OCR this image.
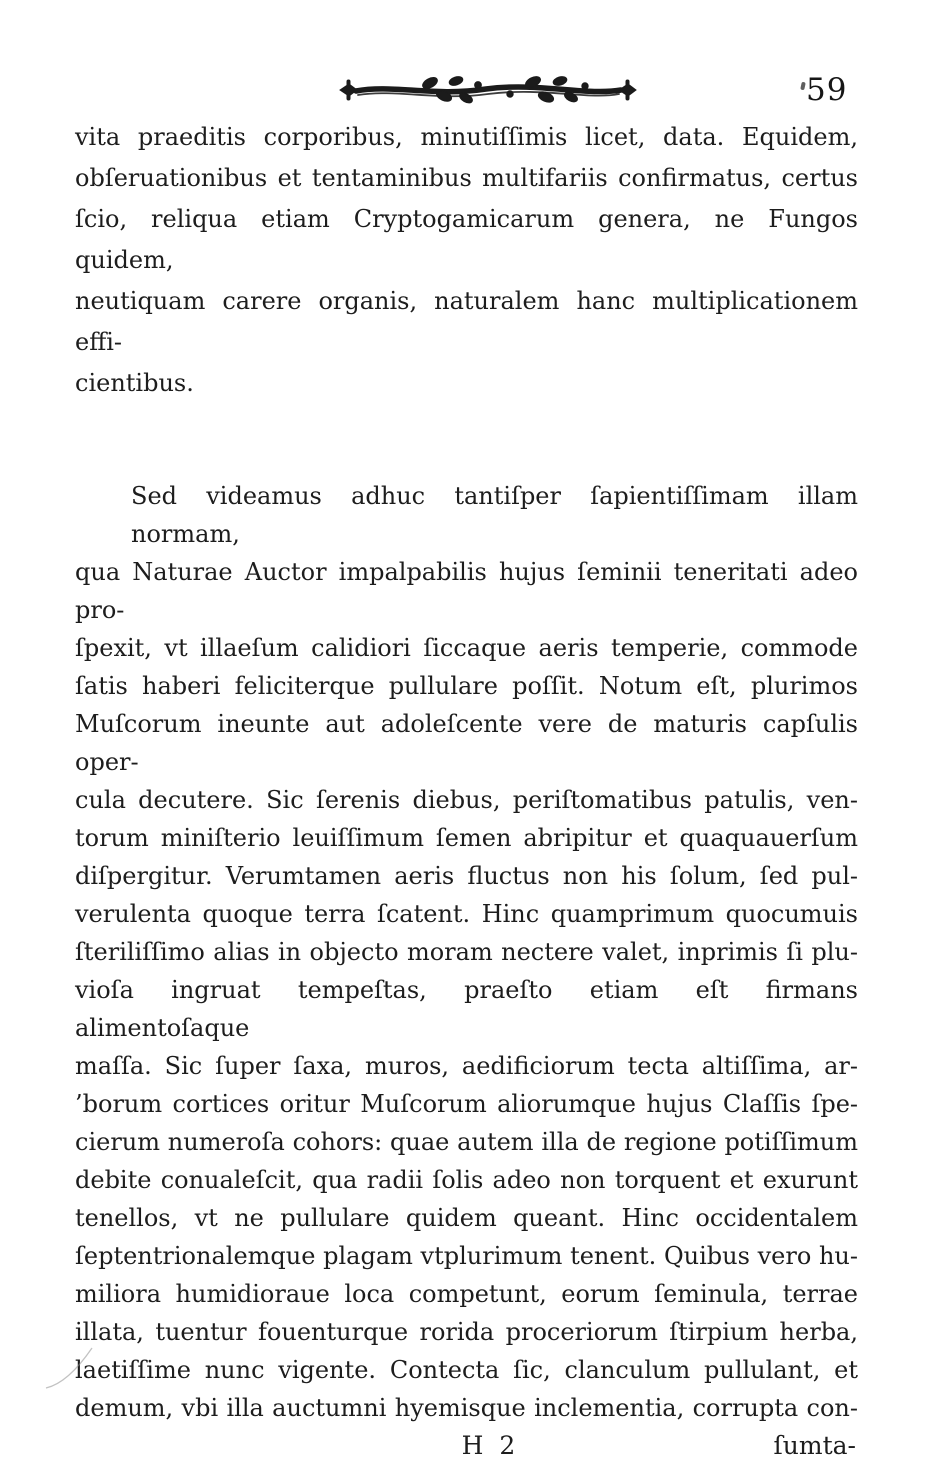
59
vita praeditis corporibus, minutiſſimis licet, data. Equidem,
obſeruationibus et tentaminibus multifariis confirmatus, certus
ſcio, reliqua etiam Cryptogamicarum genera, ne Fungos quidem,
neutiquam carere organis, naturalem hanc multiplicationem effi-
cientibus.
Sed videamus adhuc tantiſper ſapientiſſimam illam normam,
qua Naturae Auctor impalpabilis hujus ſeminii teneritati adeo pro-
ſpexit, vt illaeſum calidiori ſiccaque aeris temperie, commode
ſatis haberi feliciterque pullulare poſſit. Notum eſt, plurimos
Muſcorum ineunte aut adoleſcente vere de maturis capſulis oper-
cula decutere. Sic ſerenis diebus, periſtomatibus patulis, ven-
torum miniſterio leuiſſimum ſemen abripitur et quaquauerſum
diſpergitur. Verumtamen aeris fluctus non his ſolum, ſed pul-
verulenta quoque terra ſcatent. Hinc quamprimum quocumuis
ſteriliſſimo alias in objecto moram nectere valet, inprimis ſi plu-
vioſa ingruat tempeſtas, praeſto etiam eſt firmans alimentoſaque
maſſa. Sic ſuper ſaxa, muros, aedificiorum tecta altiſſima, ar-
’borum cortices oritur Muſcorum aliorumque hujus Claſſis ſpe-
cierum numeroſa cohors: quae autem illa de regione potiſſimum
debite conualeſcit, qua radii ſolis adeo non torquent et exurunt
tenellos, vt ne pullulare quidem queant. Hinc occidentalem
ſeptentrionalemque plagam vtplurimum tenent. Quibus vero hu-
miliora humidioraue loca competunt, eorum ſeminula, terrae
illata, tuentur fouenturque rorida proceriorum ſtirpium herba,
laetiſſime nunc vigente. Contecta ſic, clanculum pullulant, et
demum, vbi illa auctumni hyemisque inclementia, corrupta con-
H 2	ſumta-
